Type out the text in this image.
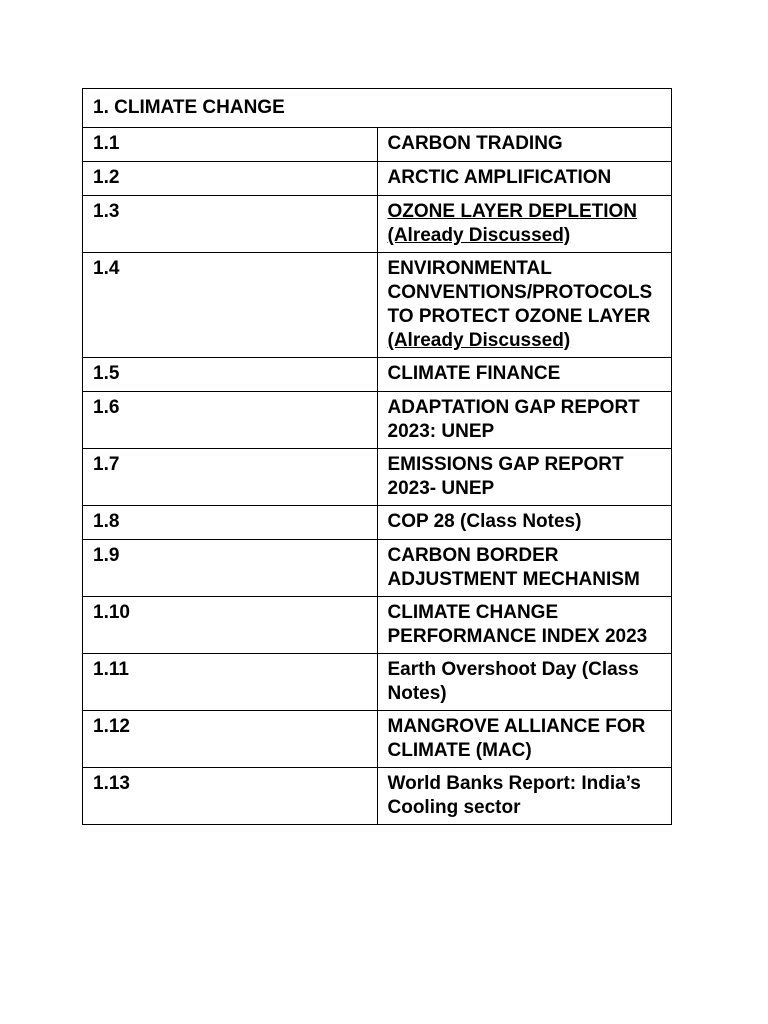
1. CLIMATE CHANGE	
1.1	CARBON TRADING
1.2	ARCTIC AMPLIFICATION
1.3	OZONE LAYER DEPLETION (Already Discussed)
1.4	ENVIRONMENTAL CONVENTIONS/PROTOCOLS TO PROTECT OZONE LAYER (Already Discussed)
1.5	CLIMATE FINANCE
1.6	ADAPTATION GAP REPORT 2023: UNEP
1.7	EMISSIONS GAP REPORT 2023- UNEP
1.8	COP 28 (Class Notes)
1.9	CARBON BORDER ADJUSTMENT MECHANISM
1.10	CLIMATE CHANGE PERFORMANCE INDEX 2023
1.11	Earth Overshoot Day (Class Notes)
1.12	MANGROVE ALLIANCE FOR CLIMATE (MAC)
1.13	World Banks Report: India’s Cooling sector
